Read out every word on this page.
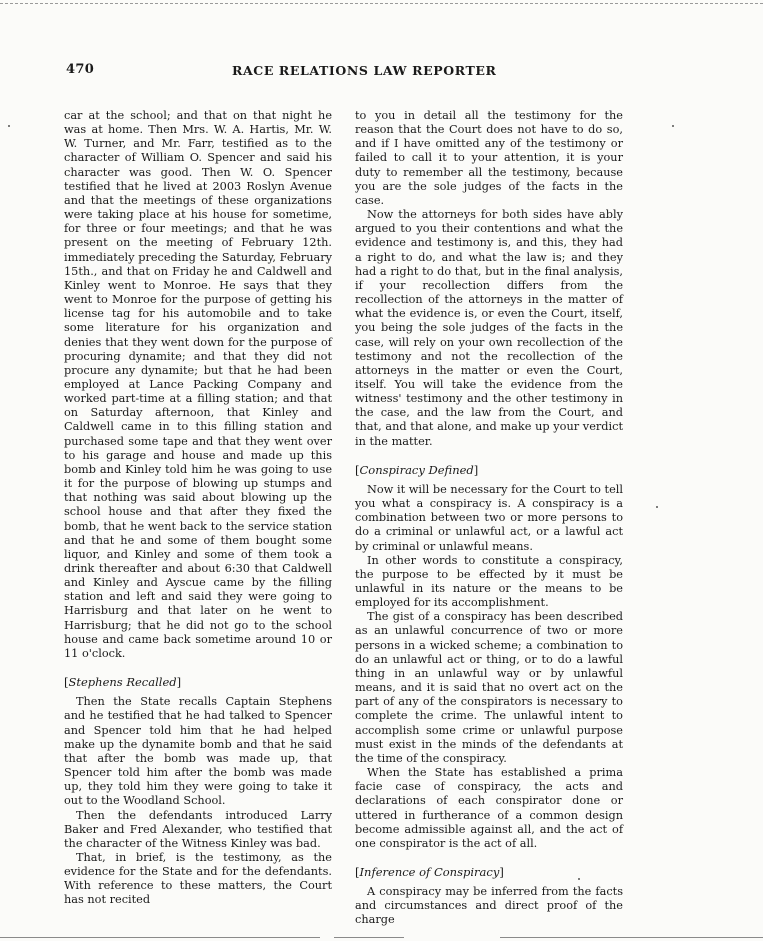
470	RACE RELATIONS LAW REPORTER

car at the school; and that on that night he was at home. Then Mrs. W. A. Hartis, Mr. W. W. Turner, and Mr. Farr, testified as to the character of William O. Spencer and said his character was good. Then W. O. Spencer testified that he lived at 2003 Roslyn Avenue and that the meetings of these organizations were taking place at his house for sometime, for three or four meetings; and that he was present on the meeting of February 12th. immediately preceding the Saturday, February 15th., and that on Friday he and Caldwell and Kinley went to Monroe. He says that they went to Monroe for the purpose of getting his license tag for his automobile and to take some literature for his organization and denies that they went down for the purpose of procuring dynamite; and that they did not procure any dynamite; but that he had been employed at Lance Packing Company and worked part-time at a filling station; and that on Saturday afternoon, that Kinley and Caldwell came in to this filling station and purchased some tape and that they went over to his garage and house and made up this bomb and Kinley told him he was going to use it for the purpose of blowing up stumps and that nothing was said about blowing up the school house and that after they fixed the bomb, that he went back to the service station and that he and some of them bought some liquor, and Kinley and some of them took a drink thereafter and about 6:30 that Caldwell and Kinley and Ayscue came by the filling station and left and said they were going to Harrisburg and that later on he went to Harrisburg; that he did not go to the school house and came back sometime around 10 or 11 o'clock.

[Stephens Recalled]

Then the State recalls Captain Stephens and he testified that he had talked to Spencer and Spencer told him that he had helped make up the dynamite bomb and that he said that after the bomb was made up, that Spencer told him after the bomb was made up, they told him they were going to take it out to the Woodland School.

Then the defendants introduced Larry Baker and Fred Alexander, who testified that the character of the Witness Kinley was bad.

That, in brief, is the testimony, as the evidence for the State and for the defendants. With reference to these matters, the Court has not recited

to you in detail all the testimony for the reason that the Court does not have to do so, and if I have omitted any of the testimony or failed to call it to your attention, it is your duty to remember all the testimony, because you are the sole judges of the facts in the case.

Now the attorneys for both sides have ably argued to you their contentions and what the evidence and testimony is, and this, they had a right to do, and what the law is; and they had a right to do that, but in the final analysis, if your recollection differs from the recollection of the attorneys in the matter of what the evidence is, or even the Court, itself, you being the sole judges of the facts in the case, will rely on your own recollection of the testimony and not the recollection of the attorneys in the matter or even the Court, itself. You will take the evidence from the witness' testimony and the other testimony in the case, and the law from the Court, and that, and that alone, and make up your verdict in the matter.

[Conspiracy Defined]

Now it will be necessary for the Court to tell you what a conspiracy is. A conspiracy is a combination between two or more persons to do a criminal or unlawful act, or a lawful act by criminal or unlawful means.

In other words to constitute a conspiracy, the purpose to be effected by it must be unlawful in its nature or the means to be employed for its accomplishment.

The gist of a conspiracy has been described as an unlawful concurrence of two or more persons in a wicked scheme; a combination to do an unlawful act or thing, or to do a lawful thing in an unlawful way or by unlawful means, and it is said that no overt act on the part of any of the conspirators is necessary to complete the crime. The unlawful intent to accomplish some crime or unlawful purpose must exist in the minds of the defendants at the time of the conspiracy.

When the State has established a prima facie case of conspiracy, the acts and declarations of each conspirator done or uttered in furtherance of a common design become admissible against all, and the act of one conspirator is the act of all.

[Inference of Conspiracy]

A conspiracy may be inferred from the facts and circumstances and direct proof of the charge
